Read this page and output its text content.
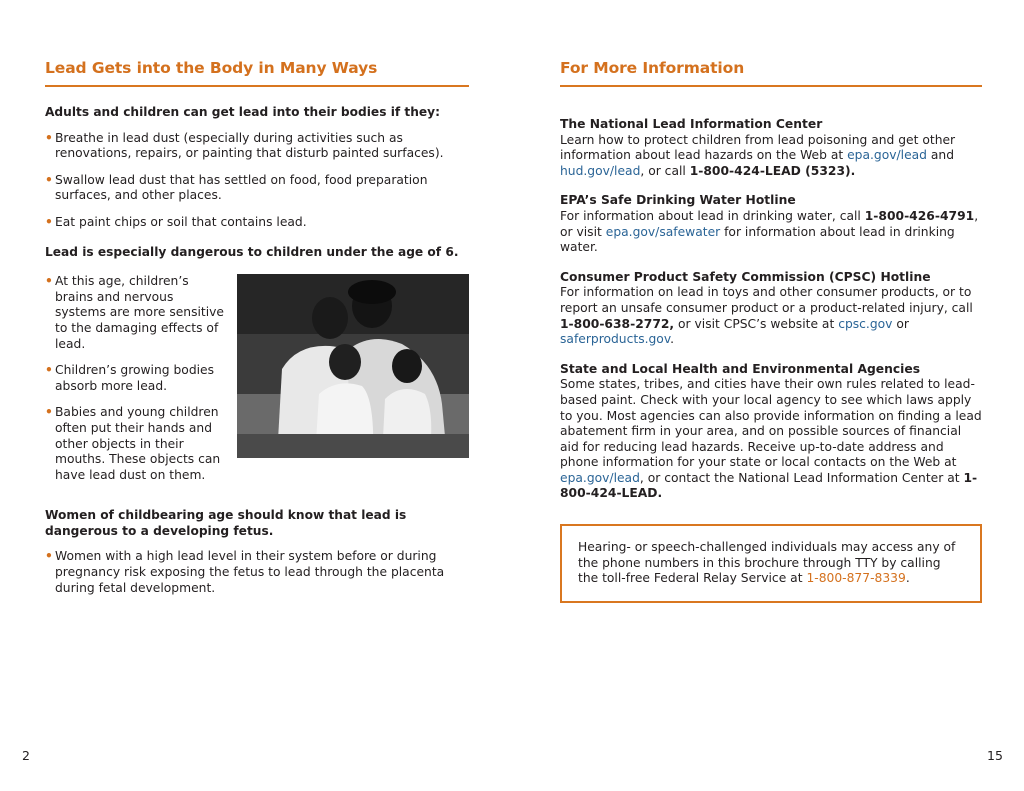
Lead Gets into the Body in Many Ways

Adults and children can get lead into their bodies if they:

• Breathe in lead dust (especially during activities such as renovations, repairs, or painting that disturb painted surfaces).
• Swallow lead dust that has settled on food, food preparation surfaces, and other places.
• Eat paint chips or soil that contains lead.

Lead is especially dangerous to children under the age of 6.

• At this age, children’s brains and nervous systems are more sensitive to the damaging effects of lead.
• Children’s growing bodies absorb more lead.
• Babies and young children often put their hands and other objects in their mouths. These objects can have lead dust on them.

Women of childbearing age should know that lead is dangerous to a developing fetus.

• Women with a high lead level in their system before or during pregnancy risk exposing the fetus to lead through the placenta during fetal development.
For More Information

The National Lead Information Center

Learn how to protect children from lead poisoning and get other information about lead hazards on the Web at epa.gov/lead and hud.gov/lead, or call 1-800-424-LEAD (5323).

EPA’s Safe Drinking Water Hotline

For information about lead in drinking water, call 1-800-426-4791, or visit epa.gov/safewater for information about lead in drinking water.

Consumer Product Safety Commission (CPSC) Hotline

For information on lead in toys and other consumer products, or to report an unsafe consumer product or a product-related injury, call 1-800-638-2772, or visit CPSC’s website at cpsc.gov or saferproducts.gov.

State and Local Health and Environmental Agencies

Some states, tribes, and cities have their own rules related to lead-based paint. Check with your local agency to see which laws apply to you. Most agencies can also provide information on finding a lead abatement firm in your area, and on possible sources of financial aid for reducing lead hazards. Receive up-to-date address and phone information for your state or local contacts on the Web at epa.gov/lead, or contact the National Lead Information Center at 1-800-424-LEAD.

Hearing- or speech-challenged individuals may access any of the phone numbers in this brochure through TTY by calling the toll-free Federal Relay Service at 1-800-877-8339.
2	15
